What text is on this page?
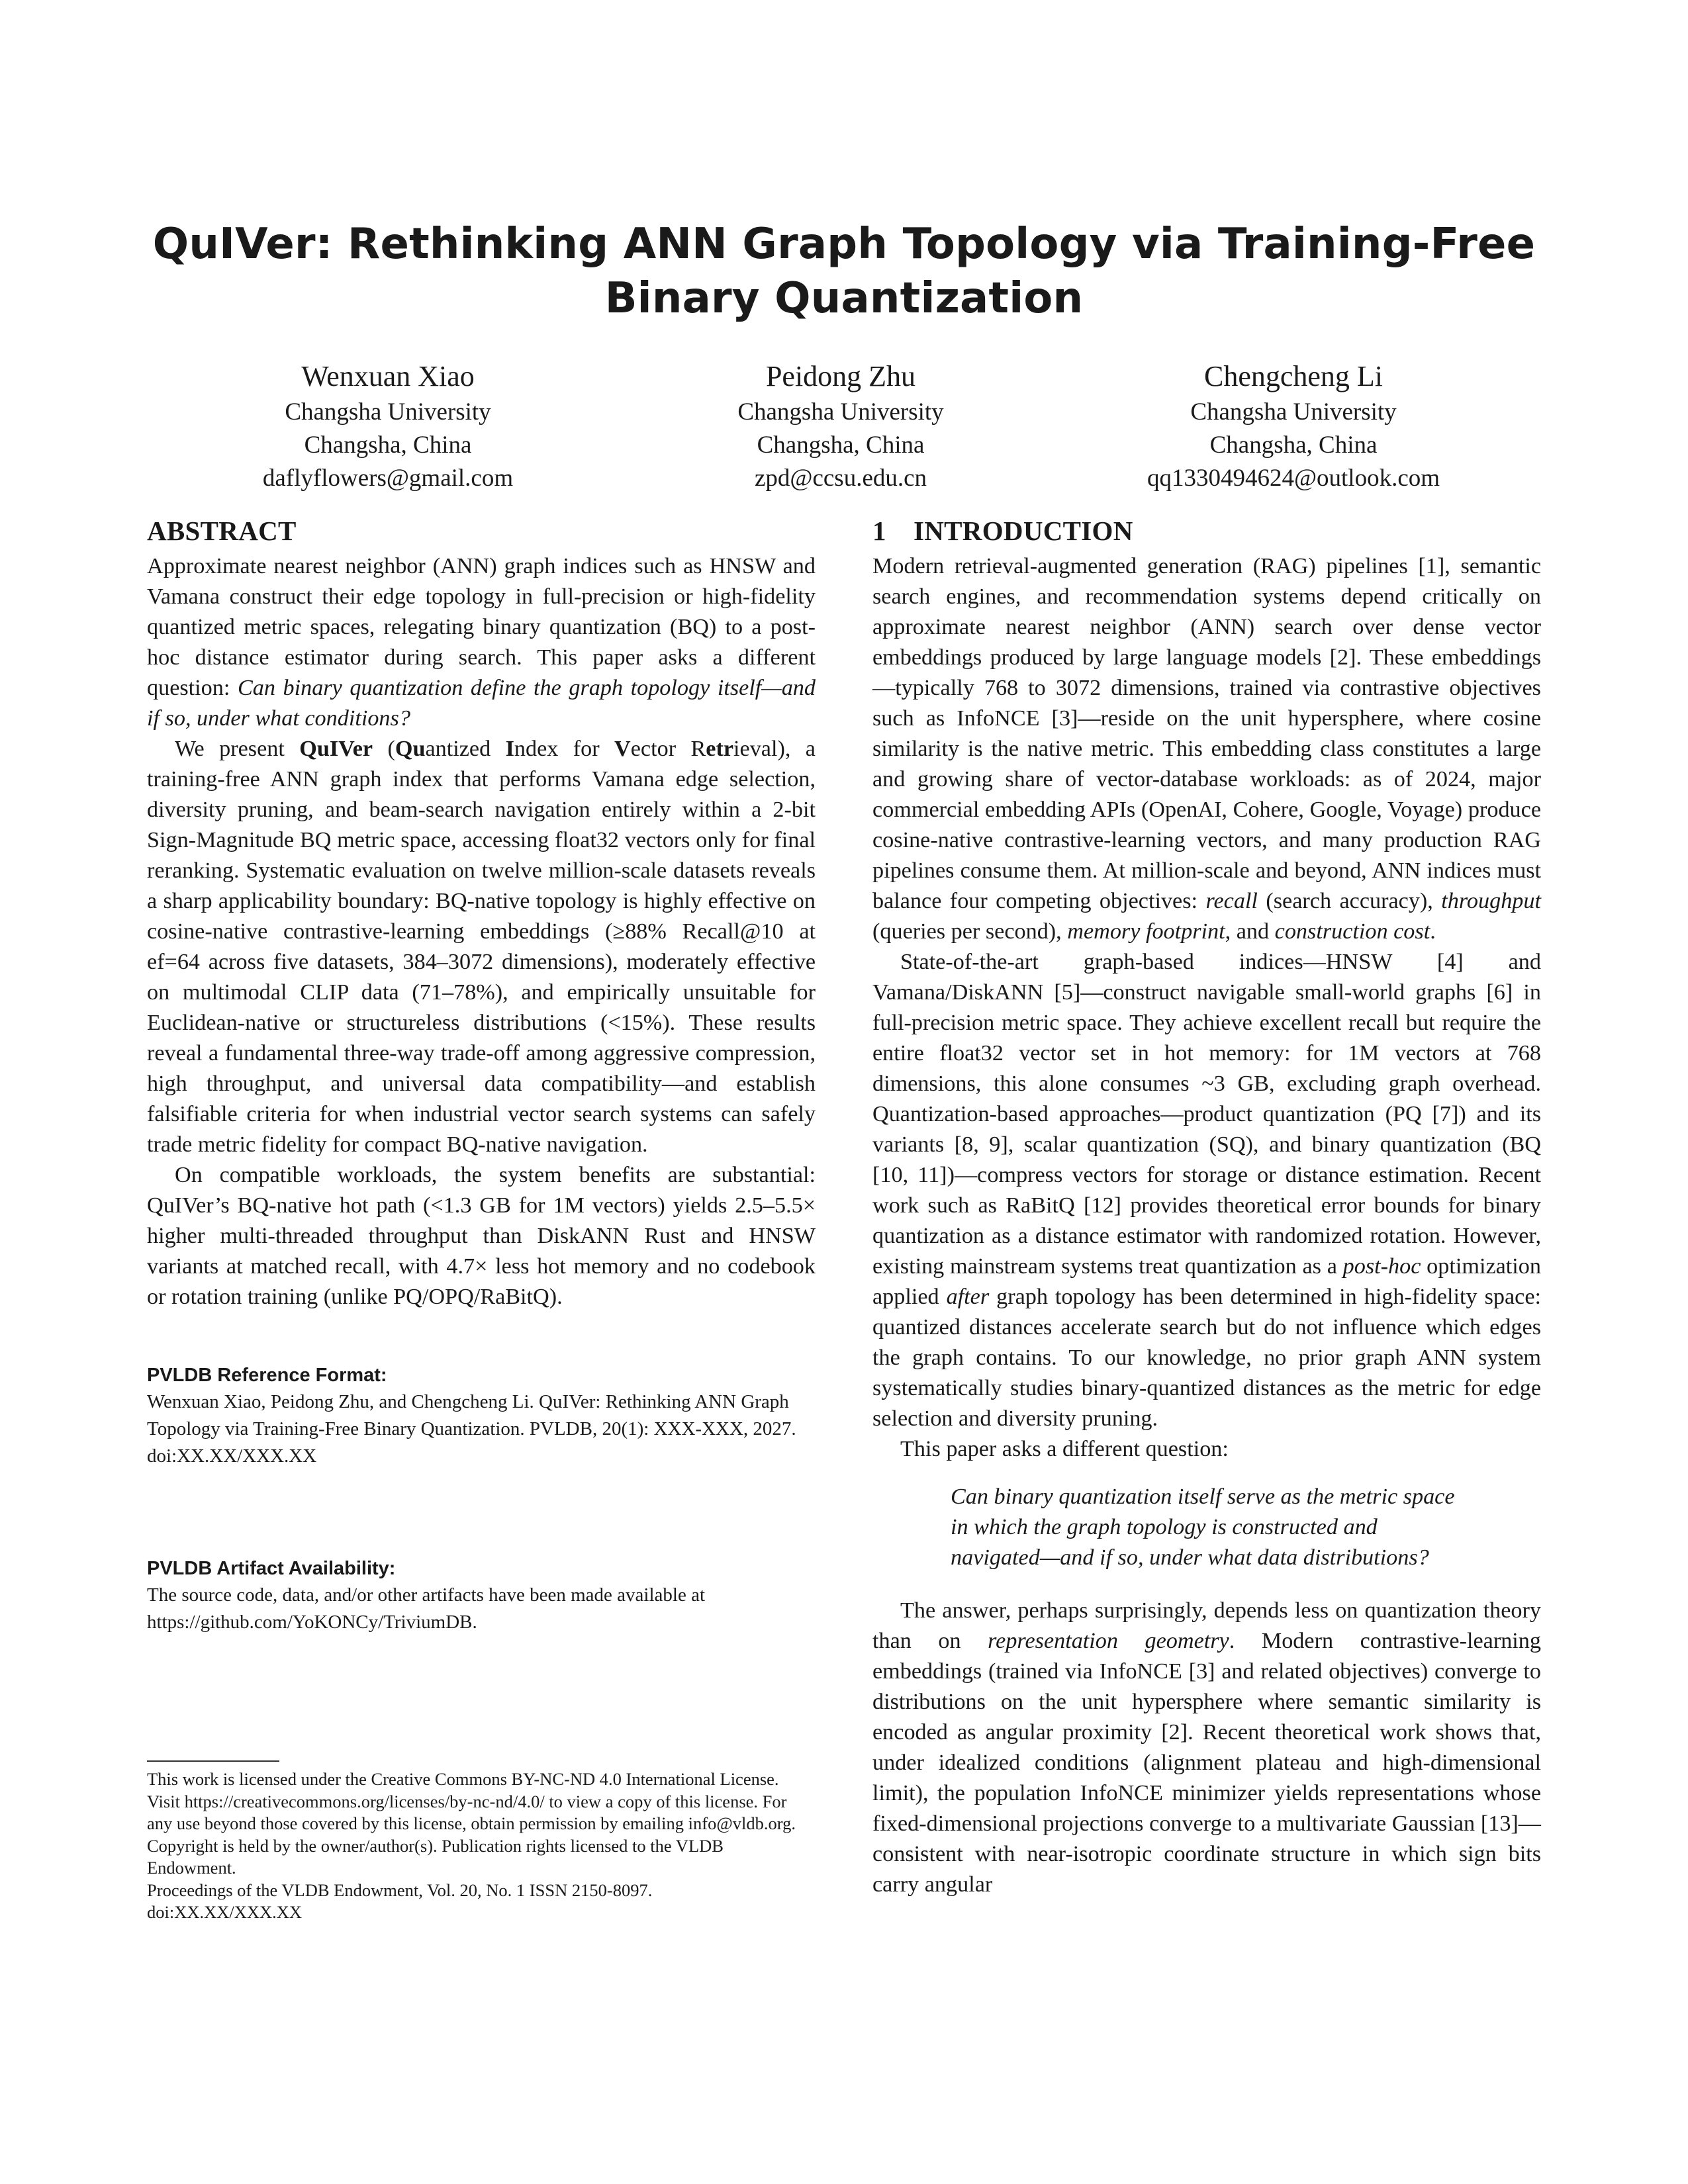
QuIVer: Rethinking ANN Graph Topology via Training-Free Binary Quantization
Wenxuan Xiao
Changsha University
Changsha, China
daflyflowers@gmail.com
Peidong Zhu
Changsha University
Changsha, China
zpd@ccsu.edu.cn
Chengcheng Li
Changsha University
Changsha, China
qq1330494624@outlook.com
ABSTRACT

Approximate nearest neighbor (ANN) graph indices such as HNSW and Vamana construct their edge topology in full-precision or high-fidelity quantized metric spaces, relegating binary quantization (BQ) to a post-hoc distance estimator during search. This paper asks a different question: Can binary quantization define the graph topology itself—and if so, under what conditions?

We present QuIVer (Quantized Index for Vector Retrieval), a training-free ANN graph index that performs Vamana edge selection, diversity pruning, and beam-search navigation entirely within a 2-bit Sign-Magnitude BQ metric space, accessing float32 vectors only for final reranking. Systematic evaluation on twelve million-scale datasets reveals a sharp applicability boundary: BQ-native topology is highly effective on cosine-native contrastive-learning embeddings (≥88% Recall@10 at ef=64 across five datasets, 384–3072 dimensions), moderately effective on multimodal CLIP data (71–78%), and empirically unsuitable for Euclidean-native or structureless distributions (<15%). These results reveal a fundamental three-way trade-off among aggressive compression, high throughput, and universal data compatibility—and establish falsifiable criteria for when industrial vector search systems can safely trade metric fidelity for compact BQ-native navigation.

On compatible workloads, the system benefits are substantial: QuIVer’s BQ-native hot path (<1.3 GB for 1M vectors) yields 2.5–5.5× higher multi-threaded throughput than DiskANN Rust and HNSW variants at matched recall, with 4.7× less hot memory and no codebook or rotation training (unlike PQ/OPQ/RaBitQ).

PVLDB Reference Format:
Wenxuan Xiao, Peidong Zhu, and Chengcheng Li. QuIVer: Rethinking ANN Graph Topology via Training-Free Binary Quantization. PVLDB, 20(1): XXX-XXX, 2027.
doi:XX.XX/XXX.XX
PVLDB Artifact Availability:
The source code, data, and/or other artifacts have been made available at https://github.com/YoKONCy/TriviumDB.
This work is licensed under the Creative Commons BY-NC-ND 4.0 International License. Visit https://creativecommons.org/licenses/by-nc-nd/4.0/ to view a copy of this license. For any use beyond those covered by this license, obtain permission by emailing info@vldb.org. Copyright is held by the owner/author(s). Publication rights licensed to the VLDB Endowment.
Proceedings of the VLDB Endowment, Vol. 20, No. 1 ISSN 2150-8097.
doi:XX.XX/XXX.XX
1 INTRODUCTION

Modern retrieval-augmented generation (RAG) pipelines [1], semantic search engines, and recommendation systems depend critically on approximate nearest neighbor (ANN) search over dense vector embeddings produced by large language models [2]. These embeddings—typically 768 to 3072 dimensions, trained via contrastive objectives such as InfoNCE [3]—reside on the unit hypersphere, where cosine similarity is the native metric. This embedding class constitutes a large and growing share of vector-database workloads: as of 2024, major commercial embedding APIs (OpenAI, Cohere, Google, Voyage) produce cosine-native contrastive-learning vectors, and many production RAG pipelines consume them. At million-scale and beyond, ANN indices must balance four competing objectives: recall (search accuracy), throughput (queries per second), memory footprint, and construction cost.

State-of-the-art graph-based indices—HNSW [4] and Vamana/DiskANN [5]—construct navigable small-world graphs [6] in full-precision metric space. They achieve excellent recall but require the entire float32 vector set in hot memory: for 1M vectors at 768 dimensions, this alone consumes ~3 GB, excluding graph overhead. Quantization-based approaches—product quantization (PQ [7]) and its variants [8, 9], scalar quantization (SQ), and binary quantization (BQ [10, 11])—compress vectors for storage or distance estimation. Recent work such as RaBitQ [12] provides theoretical error bounds for binary quantization as a distance estimator with randomized rotation. However, existing mainstream systems treat quantization as a post-hoc optimization applied after graph topology has been determined in high-fidelity space: quantized distances accelerate search but do not influence which edges the graph contains. To our knowledge, no prior graph ANN system systematically studies binary-quantized distances as the metric for edge selection and diversity pruning.

This paper asks a different question:

Can binary quantization itself serve as the metric space in which the graph topology is constructed and navigated—and if so, under what data distributions?

The answer, perhaps surprisingly, depends less on quantization theory than on representation geometry. Modern contrastive-learning embeddings (trained via InfoNCE [3] and related objectives) converge to distributions on the unit hypersphere where semantic similarity is encoded as angular proximity [2]. Recent theoretical work shows that, under idealized conditions (alignment plateau and high-dimensional limit), the population InfoNCE minimizer yields representations whose fixed-dimensional projections converge to a multivariate Gaussian [13]—consistent with near-isotropic coordinate structure in which sign bits carry angular
